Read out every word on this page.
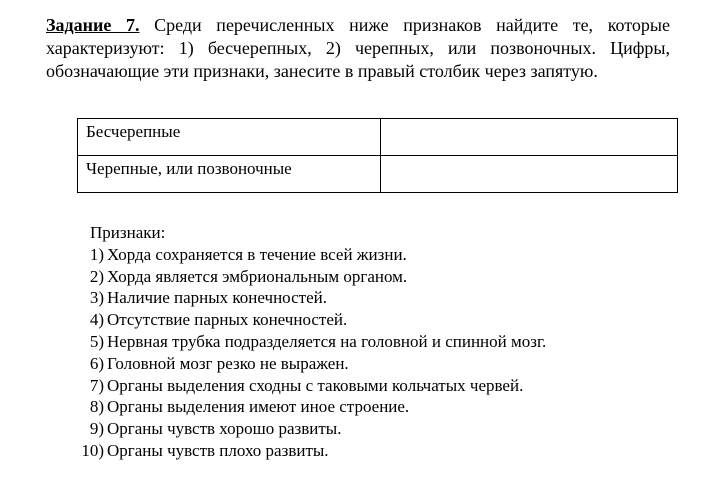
Задание 7. Среди перечисленных ниже признаков найдите те, которые характеризуют: 1) бесчерепных, 2) черепных, или позвоночных. Цифры, обозначающие эти признаки, занесите в правый столбик через запятую.
Бесчерепные	
Черепные, или позвоночные	
Признаки:
1) Хорда сохраняется в течение всей жизни.
2) Хорда является эмбриональным органом.
3) Наличие парных конечностей.
4) Отсутствие парных конечностей.
5) Нервная трубка подразделяется на головной и спинной мозг.
6) Головной мозг резко не выражен.
7) Органы выделения сходны с таковыми кольчатых червей.
8) Органы выделения имеют иное строение.
9) Органы чувств хорошо развиты.
10) Органы чувств плохо развиты.
